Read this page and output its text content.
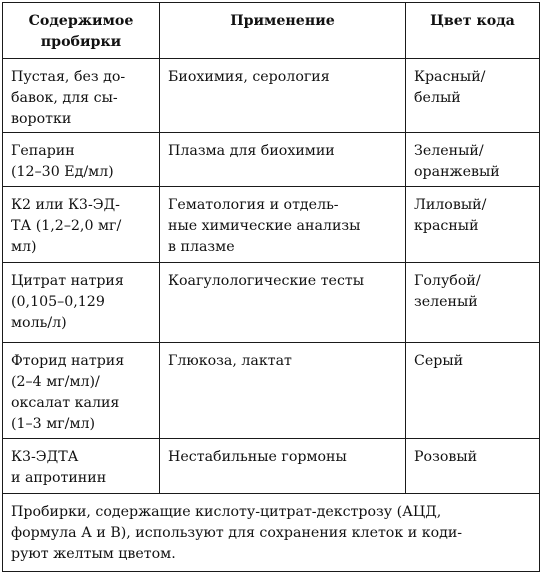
Содержимое
пробирки	Применение	Цвет кода

Пустая, без до-
бавок, для сы-
воротки	Биохимия, серология	Красный/
белый

Гепарин
(12–30 Ед/мл)	Плазма для биохимии	Зеленый/
оранжевый

К2 или К3-ЭД-
ТА (1,2–2,0 мг/
мл)	Гематология и отдель-
ные химические анализы
в плазме	Лиловый/
красный

Цитрат натрия
(0,105–0,129
моль/л)	Коагулологические тесты	Голубой/
зеленый

Фторид натрия
(2–4 мг/мл)/
оксалат калия
(1–3 мг/мл)	Глюкоза, лактат	Серый

К3-ЭДТА
и апротинин	Нестабильные гормоны	Розовый

Пробирки, содержащие кислоту-цитрат-декстрозу (АЦД,
формула А и В), используют для сохранения клеток и коди-
руют желтым цветом.		
